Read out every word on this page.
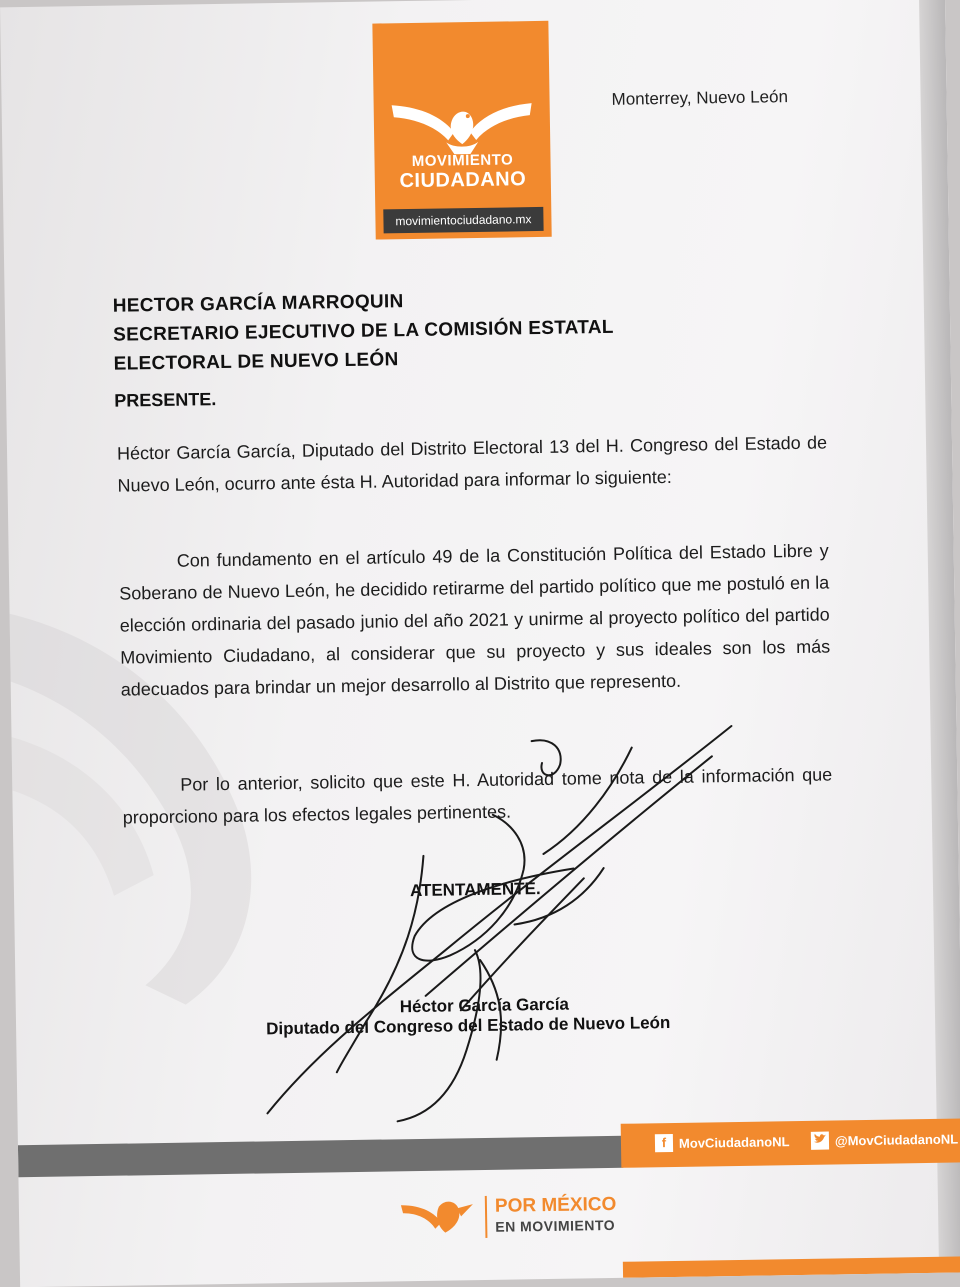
MOVIMIENTO
CIUDADANO
movimientociudadano.mx
Monterrey, Nuevo León
HECTOR GARCÍA MARROQUIN
SECRETARIO EJECUTIVO DE LA COMISIÓN ESTATAL
ELECTORAL DE NUEVO LEÓN
PRESENTE.
Héctor García García, Diputado del Distrito Electoral 13 del H. Congreso del Estado de Nuevo León, ocurro ante ésta H. Autoridad para informar lo siguiente:
Con fundamento en el artículo 49 de la Constitución Política del Estado Libre y Soberano de Nuevo León, he decidido retirarme del partido político que me postuló en la elección ordinaria del pasado junio del año 2021 y unirme al proyecto político del partido Movimiento Ciudadano, al considerar que su proyecto y sus ideales son los más adecuados para brindar un mejor desarrollo al Distrito que represento.
Por lo anterior, solicito que este H. Autoridad tome nota de la información que proporciono para los efectos legales pertinentes.
ATENTAMENTE.
Héctor García García
Diputado del Congreso del Estado de Nuevo León
f MovCiudadanoNL	@MovCiudadanoNL
POR MÉXICO
EN MOVIMIENTO
